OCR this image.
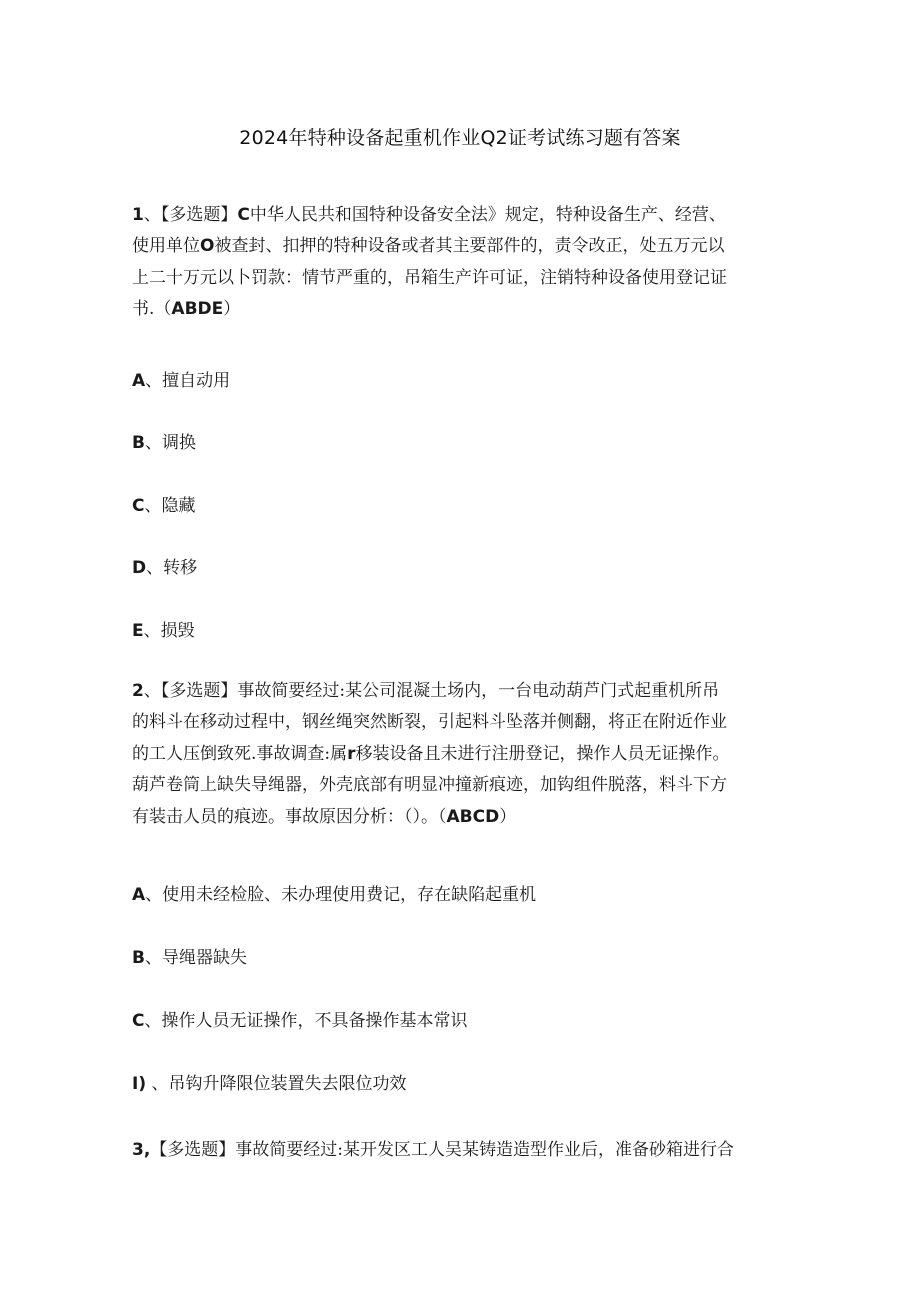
2024年特种设备起重机作业Q2证考试练习题有答案
1、【多选题】C中华人民共和国特种设备安全法》规定，特种设备生产、经营、
使用单位O被查封、扣押的特种设备或者其主要部件的，责令改正，处五万元以
上二十万元以卜罚款：情节严重的，吊箱生产许可证，注销特种设备使用登记证
书.（ABDE）
A、擅自动用
B、调换
C、隐藏
D、转移
E、损毁
2、【多选题】事故简要经过:某公司混凝土场内，一台电动葫芦门式起重机所吊
的料斗在移动过程中，钢丝绳突然断裂，引起料斗坠落并侧翻，将正在附近作业
的工人压倒致死.事故调查:属r移装设备且未进行注册登记，操作人员无证操作。
葫芦卷筒上缺失导绳器，外壳底部有明显冲撞新痕迹，加钩组件脱落，料斗下方
有装击人员的痕迹。事故原因分析：（）。（ABCD）
A、使用未经检脸、未办理使用费记，存在缺陷起重机
B、导绳器缺失
C、操作人员无证操作，不具备操作基本常识
I) 、吊钩升降限位装置失去限位功效
3,【多选题】事故简要经过:某开发区工人吴某铸造造型作业后，准备砂箱进行合
